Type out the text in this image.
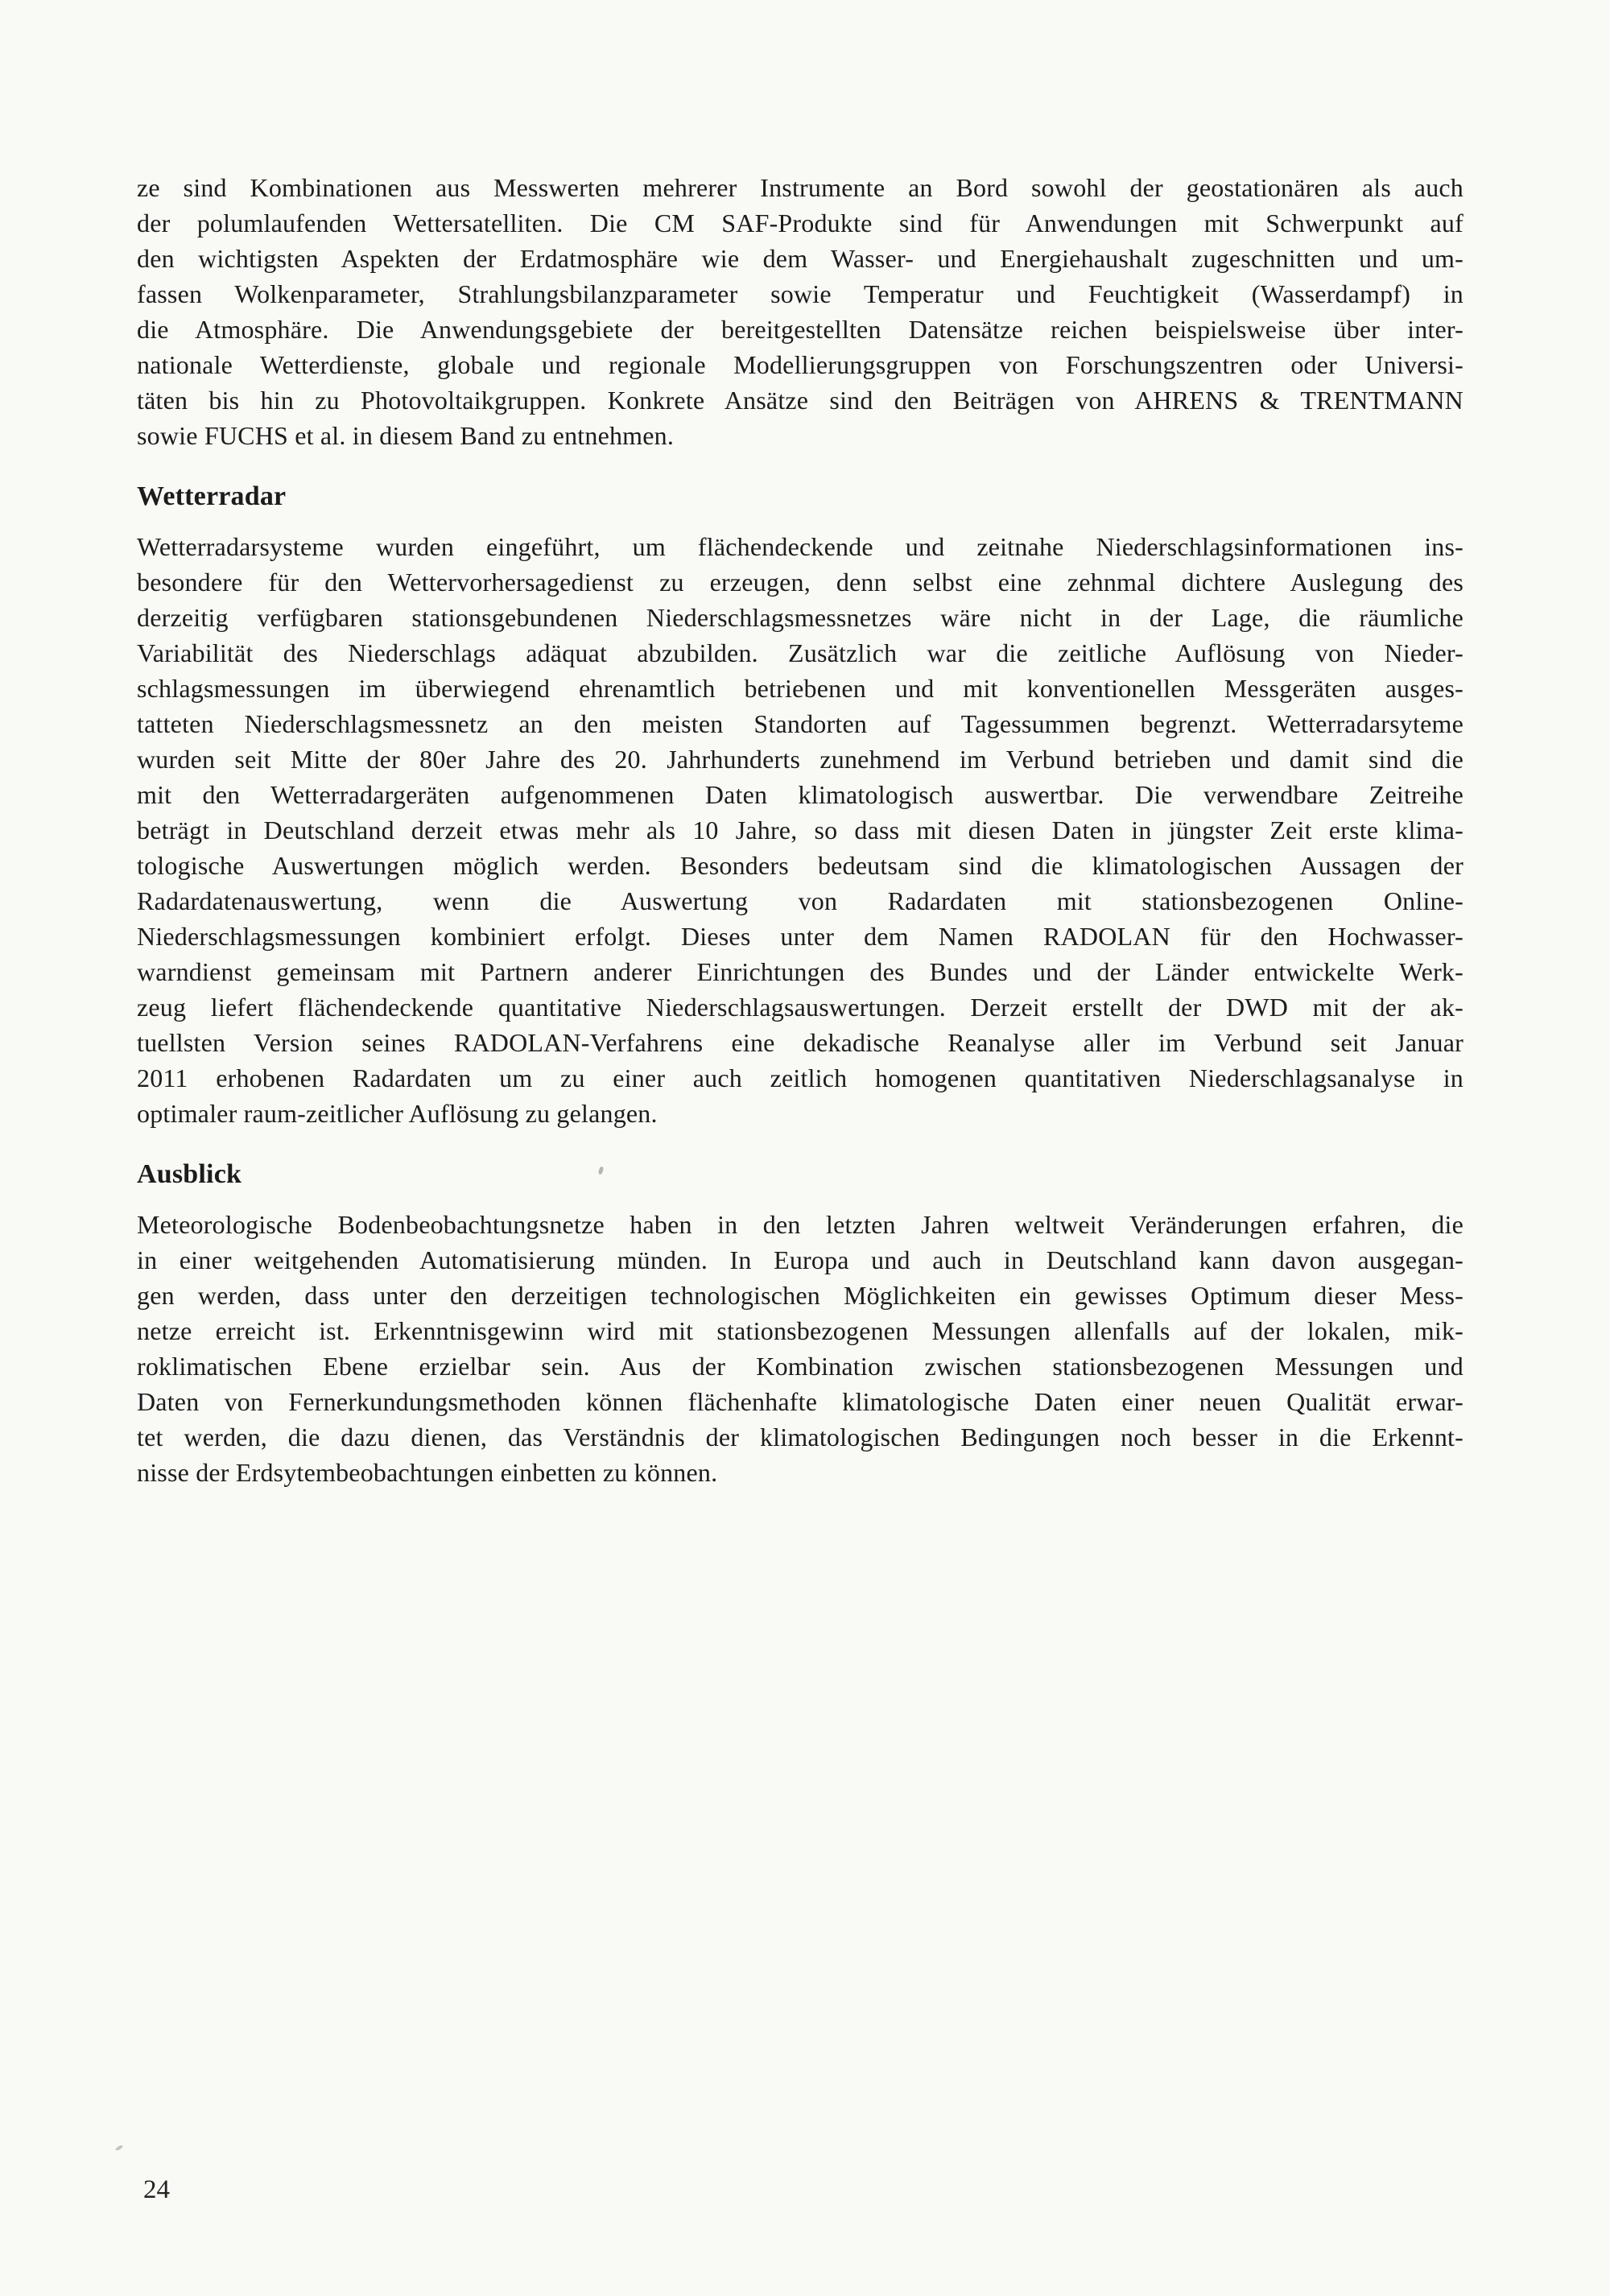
ze sind Kombinationen aus Messwerten mehrerer Instrumente an Bord sowohl der geostationären als auch
der polumlaufenden Wettersatelliten. Die CM SAF-Produkte sind für Anwendungen mit Schwerpunkt auf
den wichtigsten Aspekten der Erdatmosphäre wie dem Wasser- und Energiehaushalt zugeschnitten und um-
fassen Wolkenparameter, Strahlungsbilanzparameter sowie Temperatur und Feuchtigkeit (Wasserdampf) in
die Atmosphäre. Die Anwendungsgebiete der bereitgestellten Datensätze reichen beispielsweise über inter-
nationale Wetterdienste, globale und regionale Modellierungsgruppen von Forschungszentren oder Universi-
täten bis hin zu Photovoltaikgruppen. Konkrete Ansätze sind den Beiträgen von AHRENS & TRENTMANN
sowie FUCHS et al. in diesem Band zu entnehmen.
Wetterradar
Wetterradarsysteme wurden eingeführt, um flächendeckende und zeitnahe Niederschlagsinformationen ins-
besondere für den Wettervorhersagedienst zu erzeugen, denn selbst eine zehnmal dichtere Auslegung des
derzeitig verfügbaren stationsgebundenen Niederschlagsmessnetzes wäre nicht in der Lage, die räumliche
Variabilität des Niederschlags adäquat abzubilden. Zusätzlich war die zeitliche Auflösung von Nieder-
schlagsmessungen im überwiegend ehrenamtlich betriebenen und mit konventionellen Messgeräten ausges-
tatteten Niederschlagsmessnetz an den meisten Standorten auf Tagessummen begrenzt. Wetterradarsyteme
wurden seit Mitte der 80er Jahre des 20. Jahrhunderts zunehmend im Verbund betrieben und damit sind die
mit den Wetterradargeräten aufgenommenen Daten klimatologisch auswertbar. Die verwendbare Zeitreihe
beträgt in Deutschland derzeit etwas mehr als 10 Jahre, so dass mit diesen Daten in jüngster Zeit erste klima-
tologische Auswertungen möglich werden. Besonders bedeutsam sind die klimatologischen Aussagen der
Radardatenauswertung, wenn die Auswertung von Radardaten mit stationsbezogenen Online-
Niederschlagsmessungen kombiniert erfolgt. Dieses unter dem Namen RADOLAN für den Hochwasser-
warndienst gemeinsam mit Partnern anderer Einrichtungen des Bundes und der Länder entwickelte Werk-
zeug liefert flächendeckende quantitative Niederschlagsauswertungen. Derzeit erstellt der DWD mit der ak-
tuellsten Version seines RADOLAN-Verfahrens eine dekadische Reanalyse aller im Verbund seit Januar
2011 erhobenen Radardaten um zu einer auch zeitlich homogenen quantitativen Niederschlagsanalyse in
optimaler raum-zeitlicher Auflösung zu gelangen.
Ausblick
Meteorologische Bodenbeobachtungsnetze haben in den letzten Jahren weltweit Veränderungen erfahren, die
in einer weitgehenden Automatisierung münden. In Europa und auch in Deutschland kann davon ausgegan-
gen werden, dass unter den derzeitigen technologischen Möglichkeiten ein gewisses Optimum dieser Mess-
netze erreicht ist. Erkenntnisgewinn wird mit stationsbezogenen Messungen allenfalls auf der lokalen, mik-
roklimatischen Ebene erzielbar sein. Aus der Kombination zwischen stationsbezogenen Messungen und
Daten von Fernerkundungsmethoden können flächenhafte klimatologische Daten einer neuen Qualität erwar-
tet werden, die dazu dienen, das Verständnis der klimatologischen Bedingungen noch besser in die Erkennt-
nisse der Erdsytembeobachtungen einbetten zu können.
24
